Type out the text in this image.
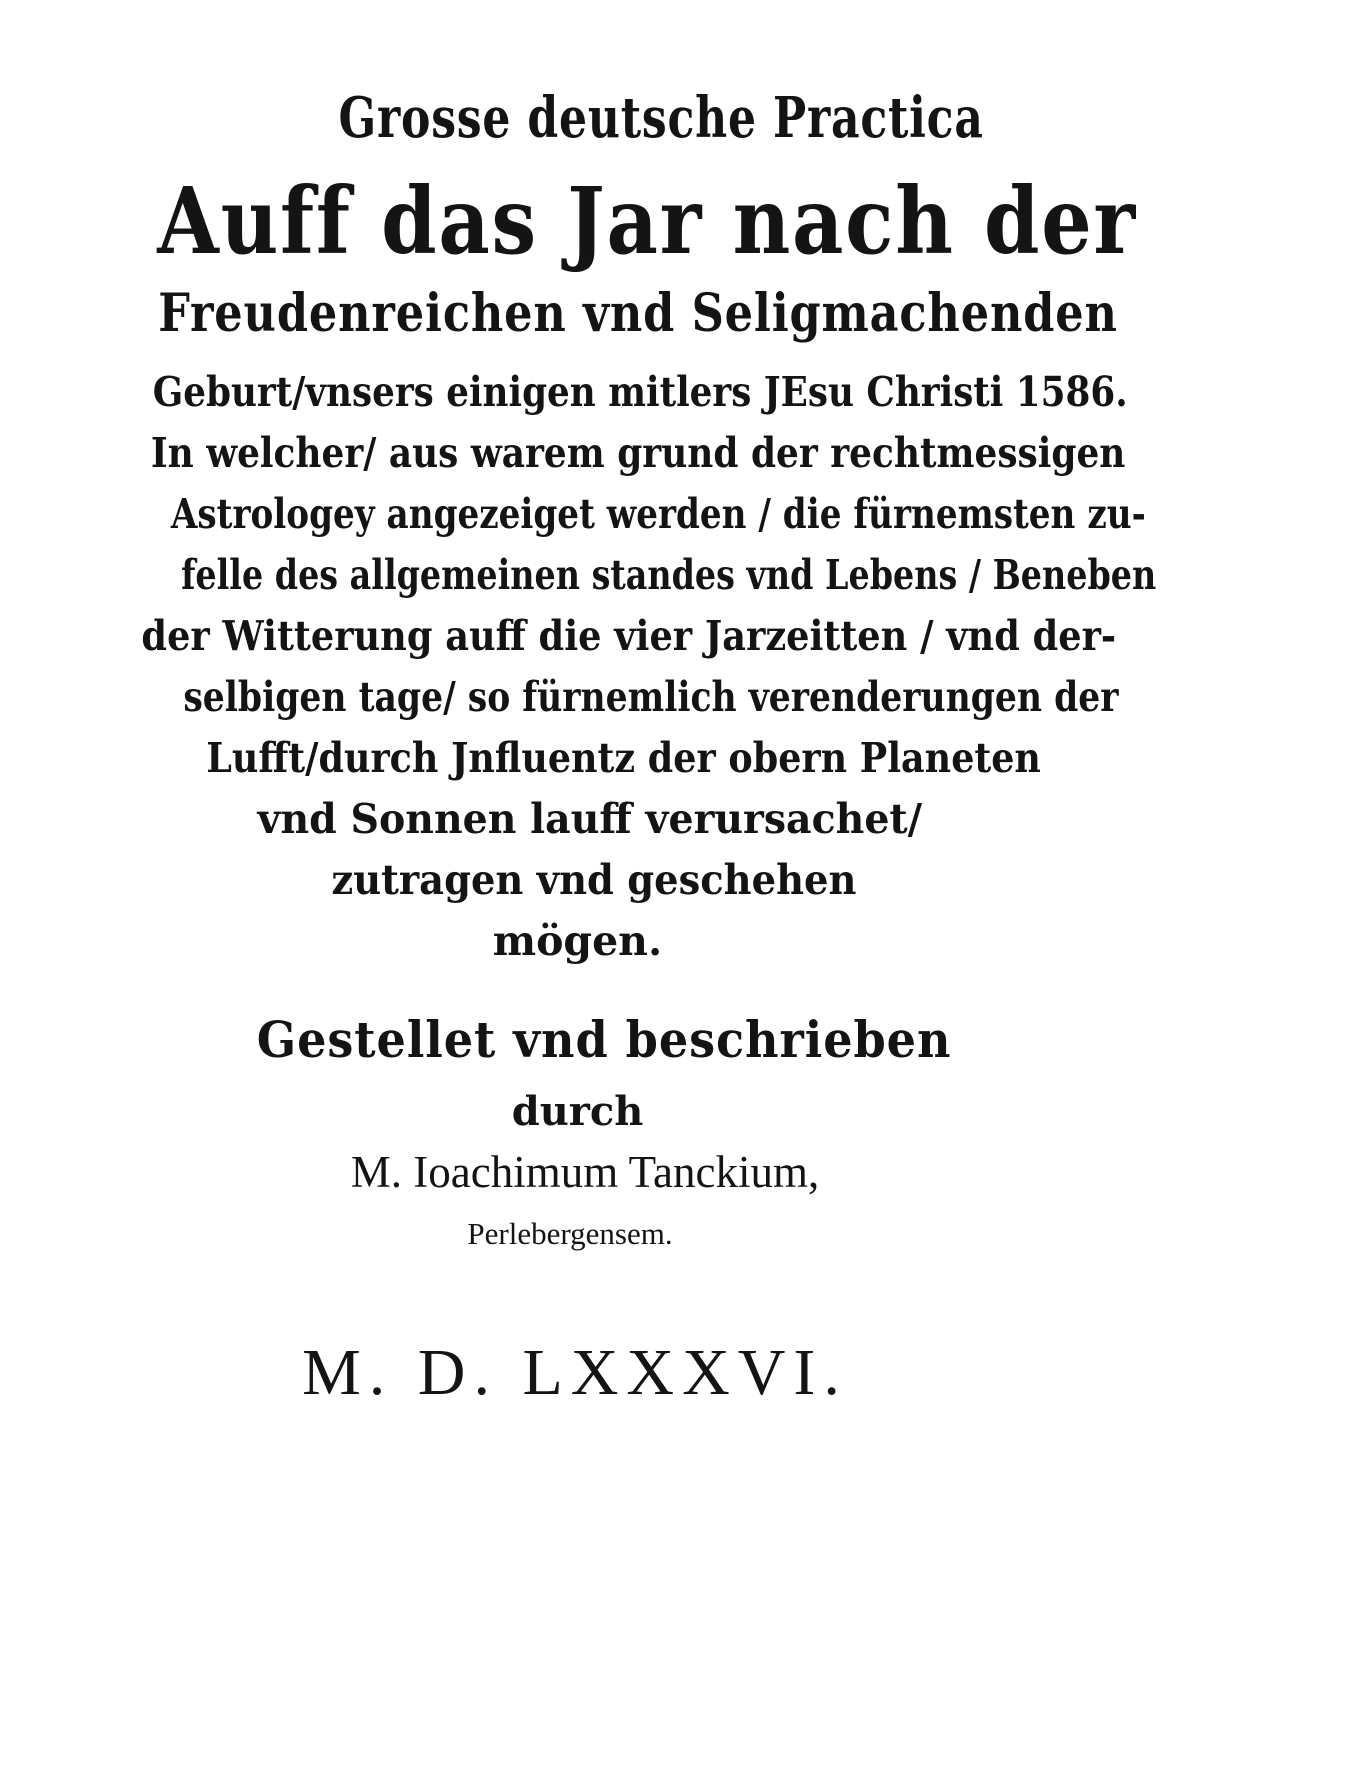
Grosse deutsche Practica
Auff das Jar nach der
Freudenreichen vnd Seligmachenden
Geburt/vnsers einigen mitlers JEsu Christi 1586.
In welcher/ aus warem grund der rechtmessigen
Astrologey angezeiget werden / die fürnemsten zu-
felle des allgemeinen standes vnd Lebens / Beneben
der Witterung auff die vier Jarzeitten / vnd der-
selbigen tage/ so fürnemlich verenderungen der
Lufft/durch Jnfluentz der obern Planeten
vnd Sonnen lauff verursachet/
zutragen vnd geschehen
mögen.
Gestellet vnd beschrieben
durch
M. Ioachimum Tanckium,
Perlebergensem.
M. D. LXXXVI.
